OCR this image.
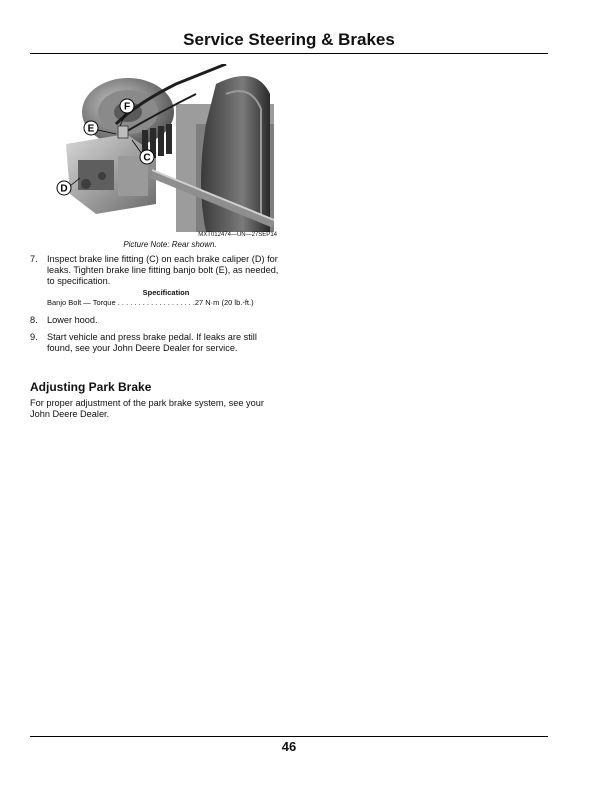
Service Steering & Brakes
F
E
C
D
MXT012474—UN—27SEP14
Picture Note: Rear shown.
7. Inspect brake line fitting (C) on each brake caliper (D) for leaks. Tighten brake line fitting banjo bolt (E), as needed, to specification.
Specification
Banjo Bolt — Torque . . . . . . . . . . . . . . . . . . .27 N·m (20 lb.-ft.)
8. Lower hood.
9. Start vehicle and press brake pedal. If leaks are still found, see your John Deere Dealer for service.
Adjusting Park Brake
For proper adjustment of the park brake system, see your John Deere Dealer.
46
